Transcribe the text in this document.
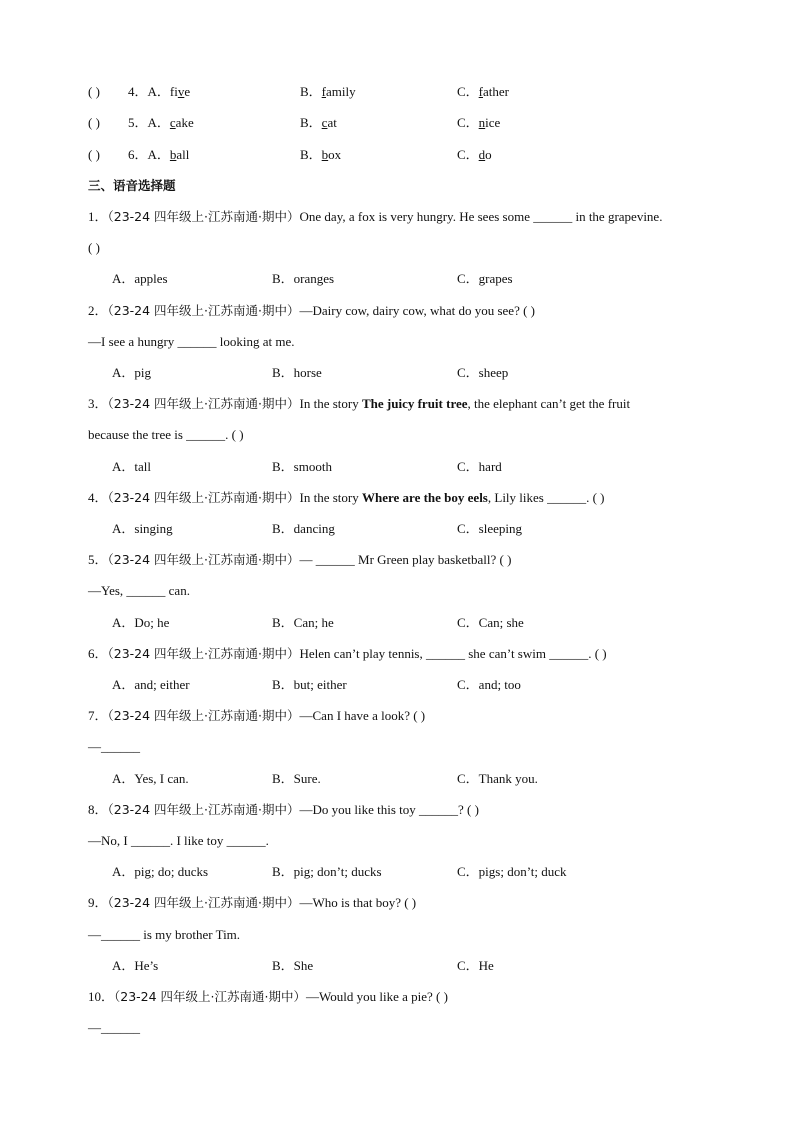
( ) 4．A．five	B．family	C．father
( ) 5．A．cake	B．cat	C．nice
( ) 6．A．ball	B．box	C．do
三、语音选择题
1．（23-24 四年级上·江苏南通·期中）One day, a fox is very hungry. He sees some ______ in the grapevine.
( )
A．apples	B．oranges	C．grapes
2．（23-24 四年级上·江苏南通·期中）—Dairy cow, dairy cow, what do you see? ( )
—I see a hungry ______ looking at me.
A．pig	B．horse	C．sheep
3．（23-24 四年级上·江苏南通·期中）In the story The juicy fruit tree, the elephant can’t get the fruit
because the tree is ______. ( )
A．tall	B．smooth	C．hard
4．（23-24 四年级上·江苏南通·期中）In the story Where are the boy eels, Lily likes ______. ( )
A．singing	B．dancing	C．sleeping
5．（23-24 四年级上·江苏南通·期中）— ______ Mr Green play basketball? ( )
—Yes, ______ can.
A．Do; he	B．Can; he	C．Can; she
6．（23-24 四年级上·江苏南通·期中）Helen can’t play tennis, ______ she can’t swim ______. ( )
A．and; either	B．but; either	C．and; too
7．（23-24 四年级上·江苏南通·期中）—Can I have a look? ( )
—______
A．Yes, I can.	B．Sure.	C．Thank you.
8．（23-24 四年级上·江苏南通·期中）—Do you like this toy ______? ( )
—No, I ______. I like toy ______.
A．pig; do; ducks	B．pig; don’t; ducks	C．pigs; don’t; duck
9．（23-24 四年级上·江苏南通·期中）—Who is that boy? ( )
—______ is my brother Tim.
A．He’s	B．She	C．He
10．（23-24 四年级上·江苏南通·期中）—Would you like a pie? ( )
—______
